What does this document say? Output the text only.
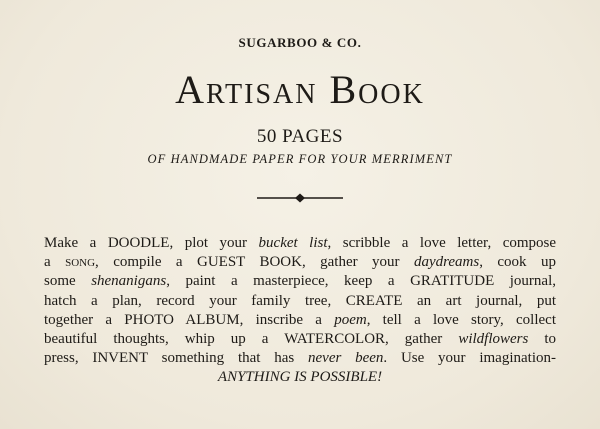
SUGARBOO & CO.
Artisan Book
50 PAGES
OF HANDMADE PAPER FOR YOUR MERRIMENT
Make a DOODLE, plot your bucket list, scribble a love letter, compose
a song, compile a GUEST BOOK, gather your daydreams, cook up
some shenanigans, paint a masterpiece, keep a GRATITUDE journal,
hatch a plan, record your family tree, CREATE an art journal, put
together a PHOTO ALBUM, inscribe a poem, tell a love story, collect
beautiful thoughts, whip up a WATERCOLOR, gather wildflowers to
press, INVENT something that has never been. Use your imagination-
ANYTHING IS POSSIBLE!
